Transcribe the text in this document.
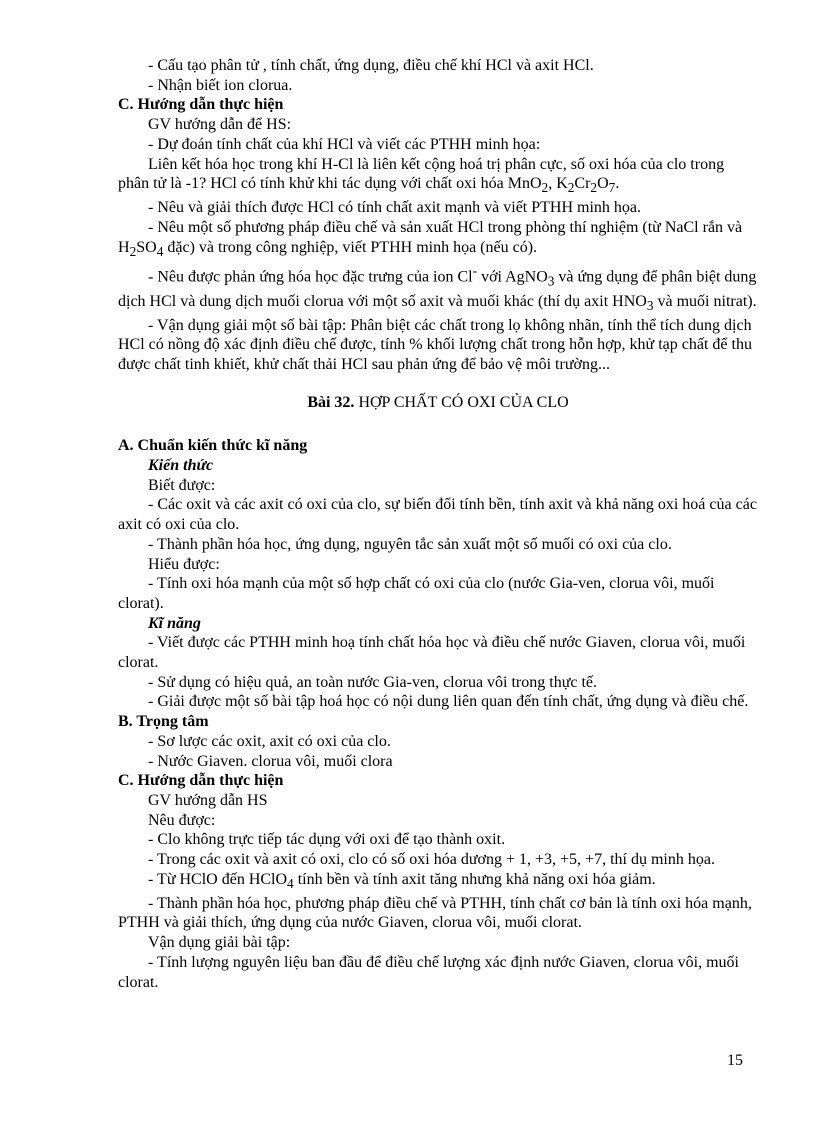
- Cấu tạo phân tử , tính chất, ứng dụng, điều chế khí HCl và axit HCl.

- Nhận biết ion clorua.

C. Hướng dẫn thực hiện

GV hướng dẫn để HS:

- Dự đoán tính chất của khí HCl và viết các PTHH minh họa:

Liên kết hóa học trong khí H-Cl là liên kết cộng hoá trị phân cực, số oxi hóa của clo trong phân tử là -1? HCl có tính khử khi tác dụng với chất oxi hóa MnO$_2$, $K_2Cr_2O_7$.

- Nêu và giải thích được HCl có tính chất axit mạnh và viết PTHH minh họa.

- Nêu một số phương pháp điều chế và sản xuất HCl trong phòng thí nghiệm (từ NaCl rắn và $H_2SO_4$ đặc) và trong công nghiệp, viết PTHH minh họa (nếu có).

- Nêu được phản ứng hóa học đặc trưng của ion Cl- với AgNO$_3$ và ứng dụng để phân biệt dung dịch HCl và dung dịch muối clorua với một số axit và muối khác (thí dụ axit $HNO_3$ và muối nitrat).

- Vận dụng giải một số bài tập: Phân biệt các chất trong lọ không nhãn, tính thể tích dung dịch HCl có nồng độ xác định điều chế được, tính % khối lượng chất trong hỗn hợp, khử tạp chất để thu được chất tinh khiết, khử chất thải HCl sau phản ứng để bảo vệ môi trường...

Bài 32. HỢP CHẤT CÓ OXI CỦA CLO

A. Chuẩn kiến thức kĩ năng

Kiến thức

Biết được:

- Các oxit và các axit có oxi của clo, sự biến đổi tính bền, tính axit và khả năng oxi hoá của các axit có oxi của clo.

- Thành phần hóa học, ứng dụng, nguyên tắc sản xuất một số muối có oxi của clo.

Hiểu được:

- Tính oxi hóa mạnh của một số hợp chất có oxi của clo (nước Gia-ven, clorua vôi, muối clorat).

Kĩ năng

- Viết được các PTHH minh hoạ tính chất hóa học và điều chế nước Giaven, clorua vôi, muối clorat.

- Sử dụng có hiệu quả, an toàn nước Gia-ven, clorua vôi trong thực tế.

- Giải được một số bài tập hoá học có nội dung liên quan đến tính chất, ứng dụng và điều chế.

B. Trọng tâm

- Sơ lược các oxit, axit có oxi của clo.

- Nước Giaven. clorua vôi, muối clora

C. Hướng dẫn thực hiện

GV hướng dẫn HS

Nêu được:

- Clo không trực tiếp tác dụng với oxi để tạo thành oxit.

- Trong các oxit và axit có oxi, clo có số oxi hóa dương + 1, +3, +5, +7, thí dụ minh họa.

- Từ HClO đến HClO$_4$ tính bền và tính axit tăng nhưng khả năng oxi hóa giảm.

- Thành phần hóa học, phương pháp điều chế và PTHH, tính chất cơ bản là tính oxi hóa mạnh, PTHH và giải thích, ứng dụng của nước Giaven, clorua vôi, muối clorat.

Vận dụng giải bài tập:

- Tính lượng nguyên liệu ban đầu để điều chế lượng xác định nước Giaven, clorua vôi, muối clorat.

15
